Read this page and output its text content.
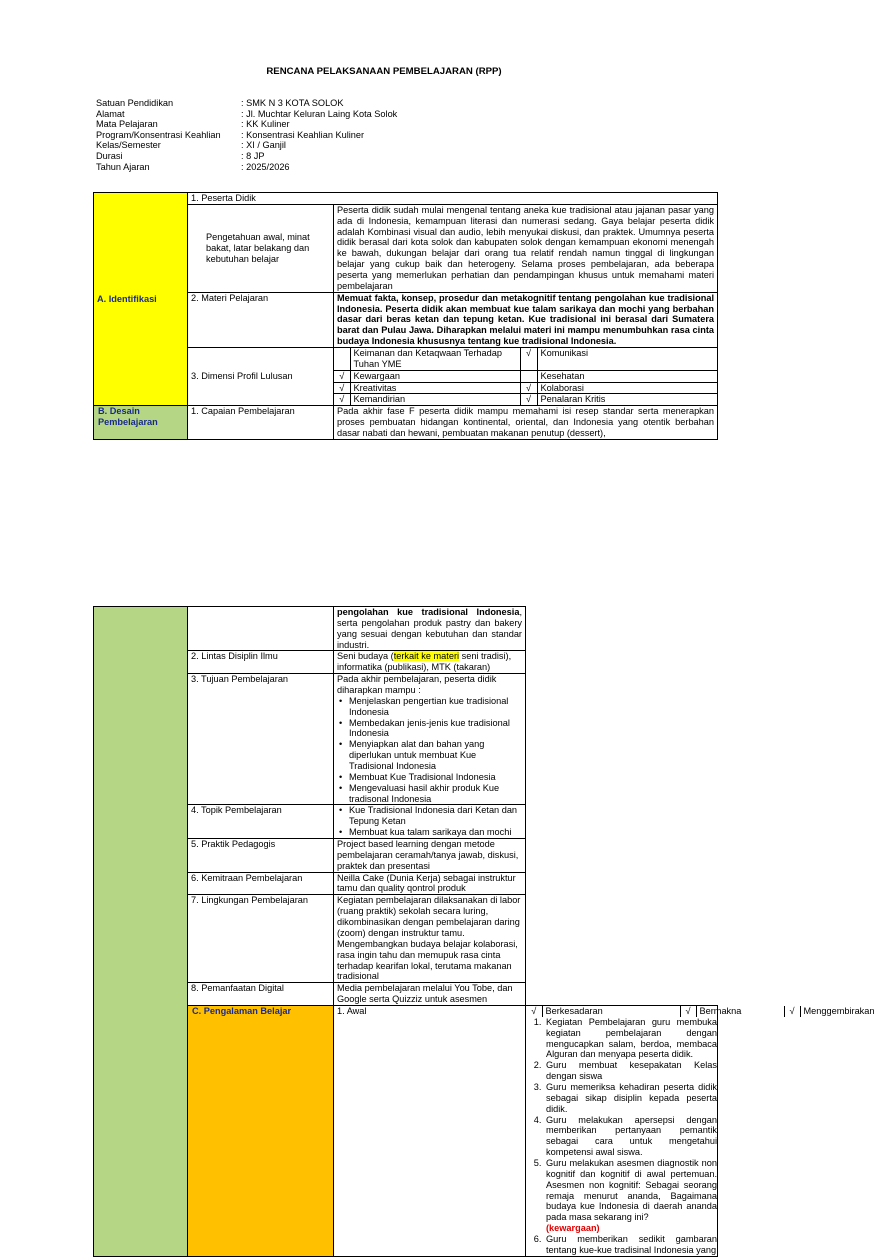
RENCANA PELAKSANAAN PEMBELAJARAN (RPP)
Satuan Pendidikan	: SMK N 3 KOTA SOLOK
Alamat	: Jl. Muchtar Keluran Laing Kota Solok
Mata Pelajaran	: KK Kuliner
Program/Konsentrasi Keahlian	: Konsentrasi Keahlian Kuliner
Kelas/Semester	: XI / Ganjil
Durasi	: 8 JP
Tahun Ajaran	: 2025/2026
A. Identifikasi	1. Peserta Didik
Pengetahuan awal, minat bakat, latar belakang dan kebutuhan belajar	Peserta didik sudah mulai mengenal tentang aneka kue tradisional atau jajanan pasar yang ada di Indonesia, kemampuan literasi dan numerasi sedang. Gaya belajar peserta didik adalah Kombinasi visual dan audio, lebih menyukai diskusi, dan praktek. Umumnya peserta didik berasal dari kota solok dan kabupaten solok dengan kemampuan ekonomi menengah ke bawah, dukungan belajar dari orang tua relatif rendah namun tinggal di lingkungan belajar yang cukup baik dan heterogeny. Selama proses pembelajaran, ada beberapa peserta yang memerlukan perhatian dan pendampingan khusus untuk memahami materi pembelajaran
2. Materi Pelajaran	Memuat fakta, konsep, prosedur dan metakognitif tentang pengolahan kue tradisional Indonesia. Peserta didik akan membuat kue talam sarikaya dan mochi yang berbahan dasar dari beras ketan dan tepung ketan. Kue tradisional ini berasal dari Sumatera barat dan Pulau Jawa. Diharapkan melalui materi ini mampu menumbuhkan rasa cinta budaya Indonesia khususnya tentang kue tradisional Indonesia.
3. Dimensi Profil Lulusan	
	Keimanan dan Ketaqwaan Terhadap Tuhan YME	√	Komunikasi
√	Kewargaan		Kesehatan
√	Kreativitas	√	Kolaborasi
√	Kemandirian	√	Penalaran Kritis

B. Desain Pembelajaran	1. Capaian Pembelajaran	Pada akhir fase F peserta didik mampu memahami isi resep standar serta menerapkan proses pembuatan hidangan kontinental, oriental, dan Indonesia yang otentik berbahan dasar nabati dan hewani, pembuatan makanan penutup (dessert),
		pengolahan kue tradisional Indonesia, serta pengolahan produk pastry dan bakery yang sesuai dengan kebutuhan dan standar industri.
2. Lintas Disiplin Ilmu	Seni budaya (terkait ke materi seni tradisi), informatika (publikasi), MTK (takaran)
3. Tujuan Pembelajaran	Pada akhir pembelajaran, peserta didik diharapkan mampu :
• Menjelaskan pengertian kue tradisional Indonesia
• Membedakan jenis-jenis kue tradisional Indonesia
• Menyiapkan alat dan bahan yang diperlukan untuk membuat Kue Tradisional Indonesia
• Membuat Kue Tradisional Indonesia
• Mengevaluasi hasil akhir produk Kue tradisonal Indonesia

4. Topik Pembelajaran	
•Kue Tradisional Indonesia dari Ketan dan Tepung Ketan
• Membuat kua talam sarikaya dan mochi

5. Praktik Pedagogis	Project based learning dengan metode pembelajaran ceramah/tanya jawab, diskusi, praktek dan presentasi
6. Kemitraan Pembelajaran	Neilla Cake (Dunia Kerja) sebagai instruktur tamu dan quality qontrol produk
7. Lingkungan Pembelajaran	Kegiatan pembelajaran dilaksanakan di labor (ruang praktik) sekolah secara luring, dikombinasikan dengan pembelajaran daring (zoom) dengan instruktur tamu. Mengembangkan budaya belajar kolaborasi, rasa ingin tahu dan memupuk rasa cinta terhadap kearifan lokal, terutama makanan tradisional
8. Pemanfaatan Digital	Media pembelajaran melalui You Tobe, dan Google serta Quizziz untuk asesmen
C. Pengalaman Belajar	1. Awal		√	Berkesadaran	√	Bermakna	√	Menggembirakan
1. Kegiatan Pembelajaran guru membuka kegiatan pembelajaran dengan mengucapkan salam, berdoa, membaca Alguran dan menyapa peserta didik.
2. Guru membuat kesepakatan Kelas dengan siswa
3. Guru memeriksa kehadiran peserta didik sebagai sikap disiplin kepada peserta didik.
4. Guru melakukan apersepsi dengan memberikan pertanyaan pemantik sebagai cara untuk mengetahui kompetensi awal siswa.
5. Guru melakukan asesmen diagnostik non kognitif dan kognitif di awal pertemuan. Asesmen non kognitif: Sebagai seorang remaja menurut ananda, Bagaimana budaya kue Indonesia di daerah ananda pada masa sekarang ini?
(kewargaan)
6. Guru memberikan sedikit gambaran tentang kue-kue tradisinal Indonesia yang
